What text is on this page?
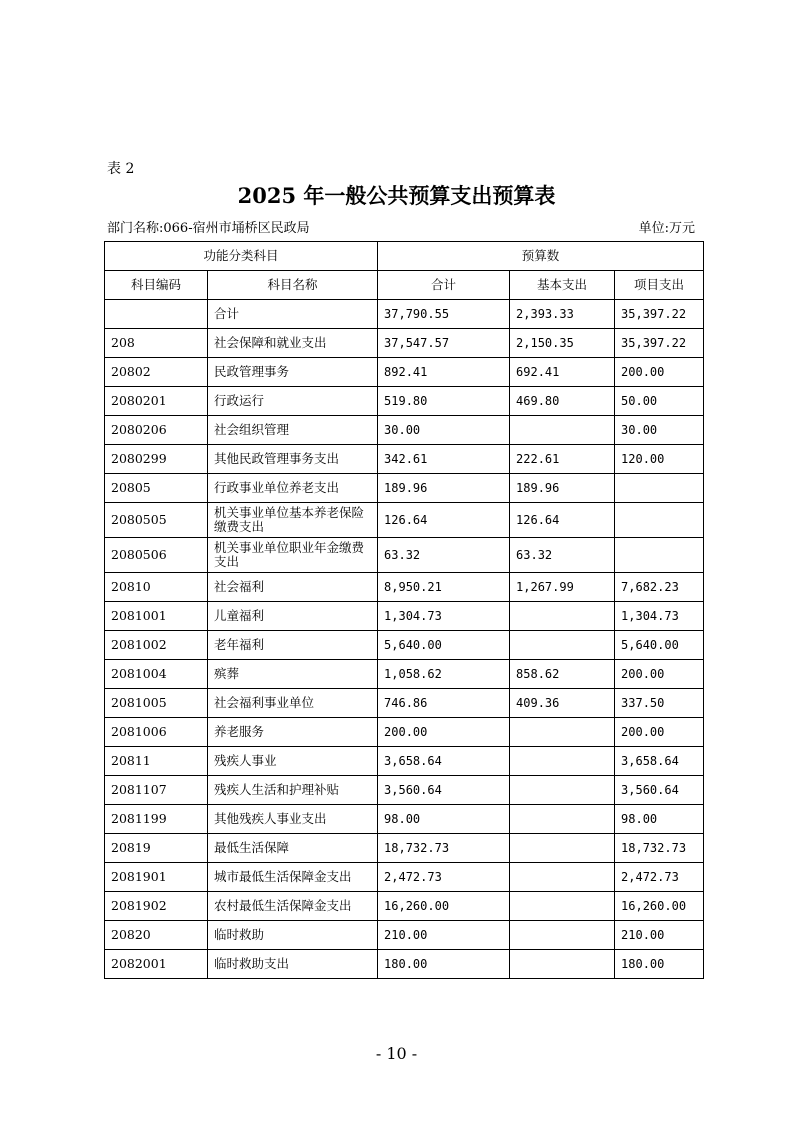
表 2
2025 年一般公共预算支出预算表
部门名称:066-宿州市埇桥区民政局	单位:万元
功能分类科目		预算数		
科目编码	科目名称	合计	基本支出	项目支出
	合计	37,790.55	2,393.33	35,397.22
208	社会保障和就业支出	37,547.57	2,150.35	35,397.22
20802	民政管理事务	892.41	692.41	200.00
2080201	行政运行	519.80	469.80	50.00
2080206	社会组织管理	30.00		30.00
2080299	其他民政管理事务支出	342.61	222.61	120.00
20805	行政事业单位养老支出	189.96	189.96	
2080505	机关事业单位基本养老保险缴费支出	126.64	126.64	
2080506	机关事业单位职业年金缴费支出	63.32	63.32	
20810	社会福利	8,950.21	1,267.99	7,682.23
2081001	儿童福利	1,304.73		1,304.73
2081002	老年福利	5,640.00		5,640.00
2081004	殡葬	1,058.62	858.62	200.00
2081005	社会福利事业单位	746.86	409.36	337.50
2081006	养老服务	200.00		200.00
20811	残疾人事业	3,658.64		3,658.64
2081107	残疾人生活和护理补贴	3,560.64		3,560.64
2081199	其他残疾人事业支出	98.00		98.00
20819	最低生活保障	18,732.73		18,732.73
2081901	城市最低生活保障金支出	2,472.73		2,472.73
2081902	农村最低生活保障金支出	16,260.00		16,260.00
20820	临时救助	210.00		210.00
2082001	临时救助支出	180.00		180.00
- 10 -
